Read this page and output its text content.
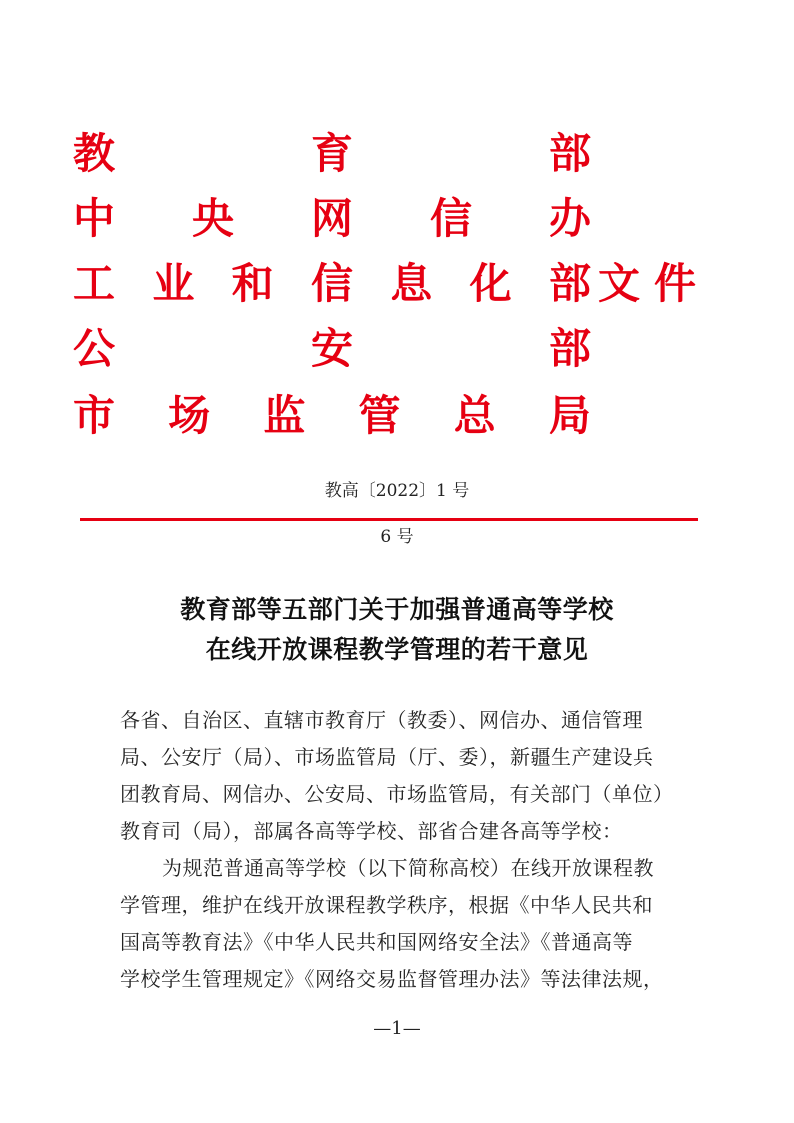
教	育	部
中 央 网 信 办
工 业 和 信 息 化 部
公	安	部
市 场 监 管 总 局
文件
教高〔2022〕1 号
6 号
教育部等五部门关于加强普通高等学校
在线开放课程教学管理的若干意见
各省、自治区、直辖市教育厅（教委）、网信办、通信管理
局、公安厅（局）、市场监管局（厅、委），新疆生产建设兵
团教育局、网信办、公安局、市场监管局，有关部门（单位）
教育司（局），部属各高等学校、部省合建各高等学校：
为规范普通高等学校（以下简称高校）在线开放课程教
学管理，维护在线开放课程教学秩序，根据《中华人民共和
国高等教育法》《中华人民共和国网络安全法》《普通高等
学校学生管理规定》《网络交易监督管理办法》等法律法规，
—1—
